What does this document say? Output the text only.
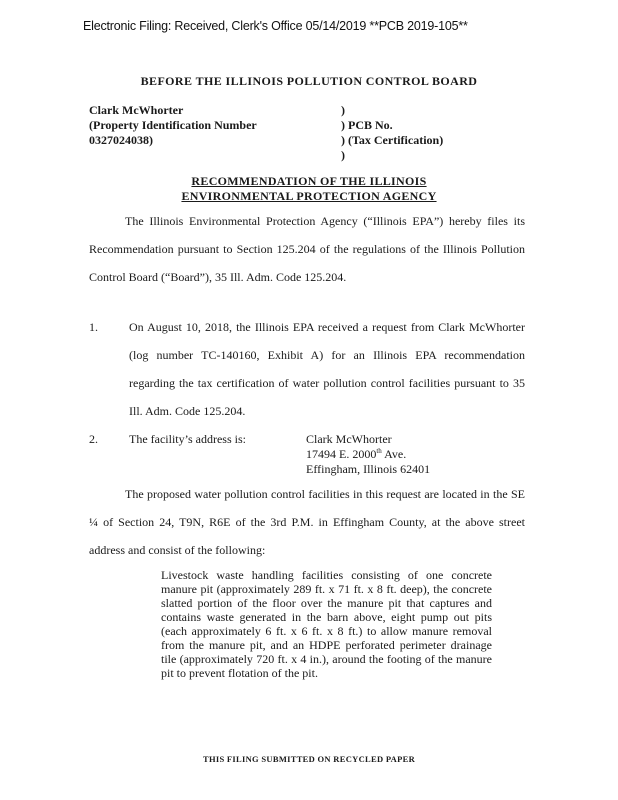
Electronic Filing: Received, Clerk's Office 05/14/2019 **PCB 2019-105**
BEFORE THE ILLINOIS POLLUTION CONTROL BOARD
Clark McWhorter
(Property Identification Number
0327024038)
)
) PCB No.
) (Tax Certification)
)
RECOMMENDATION OF THE ILLINOIS
ENVIRONMENTAL PROTECTION AGENCY
The Illinois Environmental Protection Agency (“Illinois EPA”) hereby files its Recommendation pursuant to Section 125.204 of the regulations of the Illinois Pollution Control Board (“Board”), 35 Ill. Adm. Code 125.204.
1.	On August 10, 2018, the Illinois EPA received a request from Clark McWhorter (log number TC-140160, Exhibit A) for an Illinois EPA recommendation regarding the tax certification of water pollution control facilities pursuant to 35 Ill. Adm. Code 125.204.
2.	The facility’s address is:	Clark McWhorter
17494 E. 2000th Ave.
Effingham, Illinois 62401
The proposed water pollution control facilities in this request are located in the SE ¼ of Section 24, T9N, R6E of the 3rd P.M. in Effingham County, at the above street address and consist of the following:
Livestock waste handling facilities consisting of one concrete manure pit (approximately 289 ft. x 71 ft. x 8 ft. deep), the concrete slatted portion of the floor over the manure pit that captures and contains waste generated in the barn above, eight pump out pits (each approximately 6 ft. x 6 ft. x 8 ft.) to allow manure removal from the manure pit, and an HDPE perforated perimeter drainage tile (approximately 720 ft. x 4 in.), around the footing of the manure pit to prevent flotation of the pit.
THIS FILING SUBMITTED ON RECYCLED PAPER
